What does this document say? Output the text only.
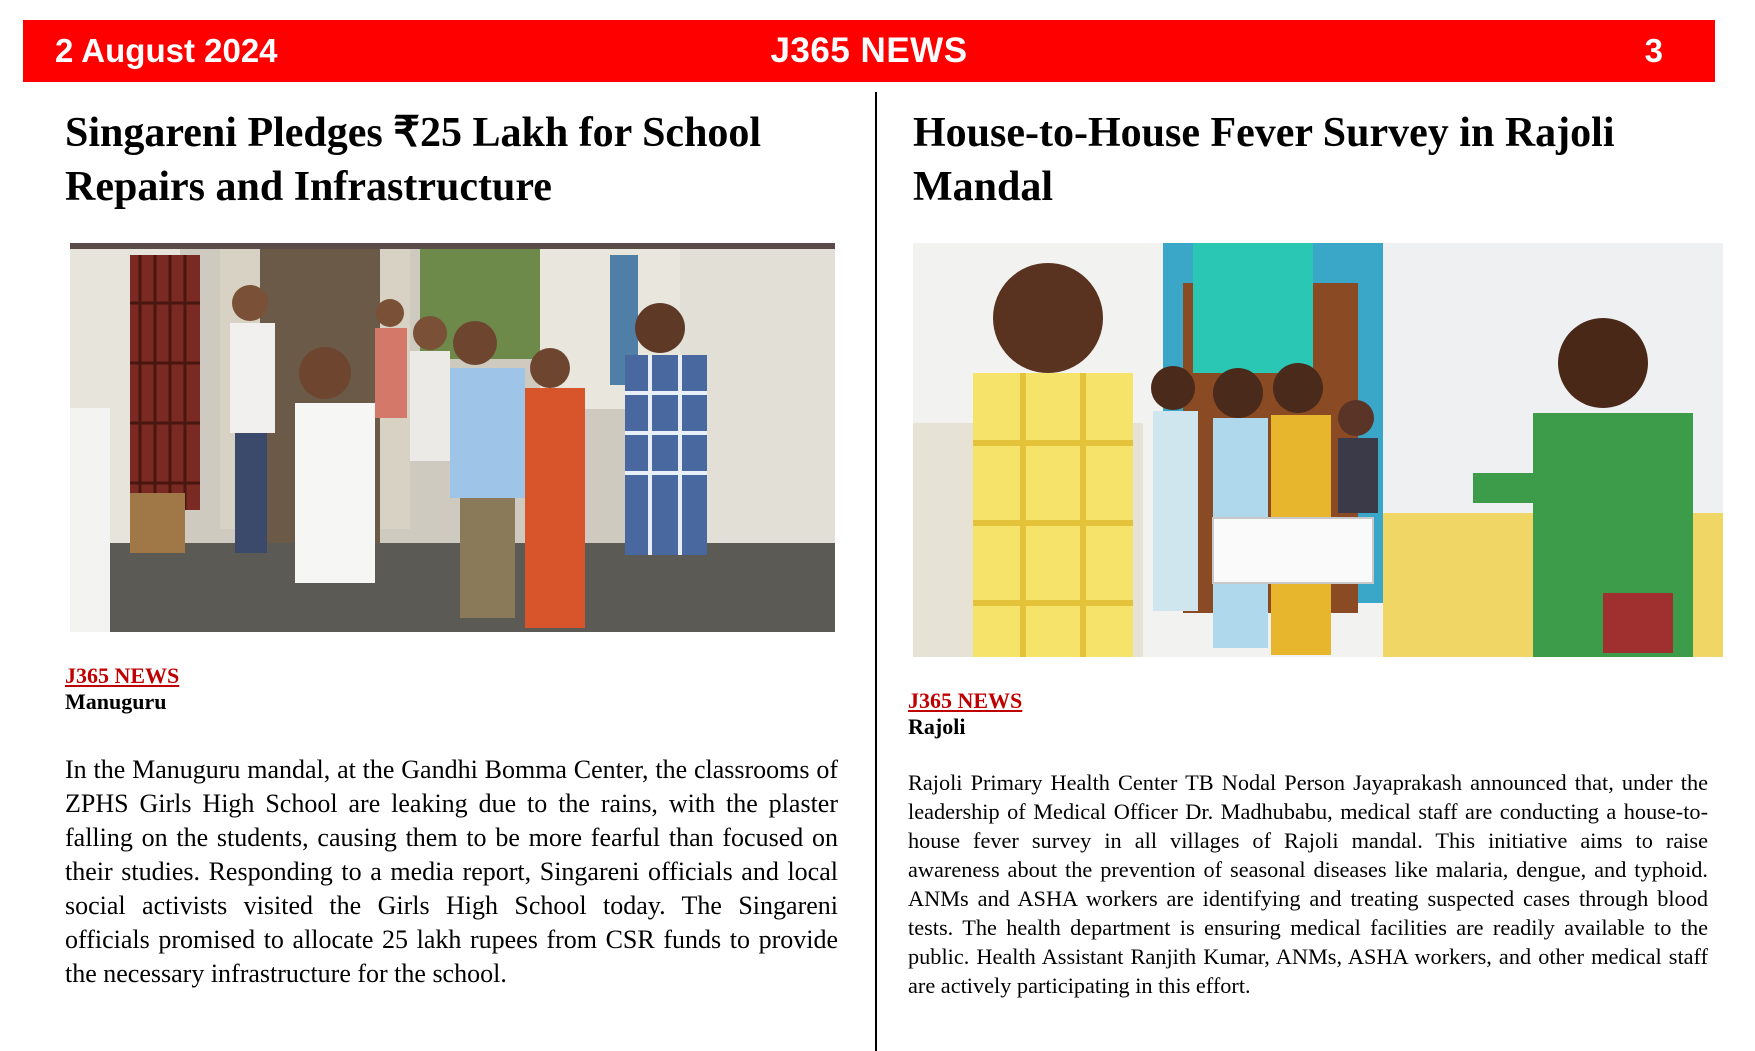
2 August 2024	J365 NEWS	3
Singareni Pledges ₹25 Lakh for School
Repairs and Infrastructure
J365 NEWS
Manuguru

In the Manuguru mandal, at the Gandhi Bomma Center, the classrooms of ZPHS Girls High School are leaking due to the rains, with the plaster falling on the students, causing them to be more fearful than focused on their studies. Responding to a media report, Singareni officials and local social activists visited the Girls High School today. The Singareni officials promised to allocate 25 lakh rupees from CSR funds to provide the necessary infrastructure for the school.

House-to-House Fever Survey in Rajoli
Mandal
J365 NEWS
Rajoli

Rajoli Primary Health Center TB Nodal Person Jayaprakash announced that, under the leadership of Medical Officer Dr. Madhubabu, medical staff are conducting a house-to-house fever survey in all villages of Rajoli mandal. This initiative aims to raise awareness about the prevention of seasonal diseases like malaria, dengue, and typhoid. ANMs and ASHA workers are identifying and treating suspected cases through blood tests. The health department is ensuring medical facilities are readily available to the public. Health Assistant Ranjith Kumar, ANMs, ASHA workers, and other medical staff are actively participating in this effort.
